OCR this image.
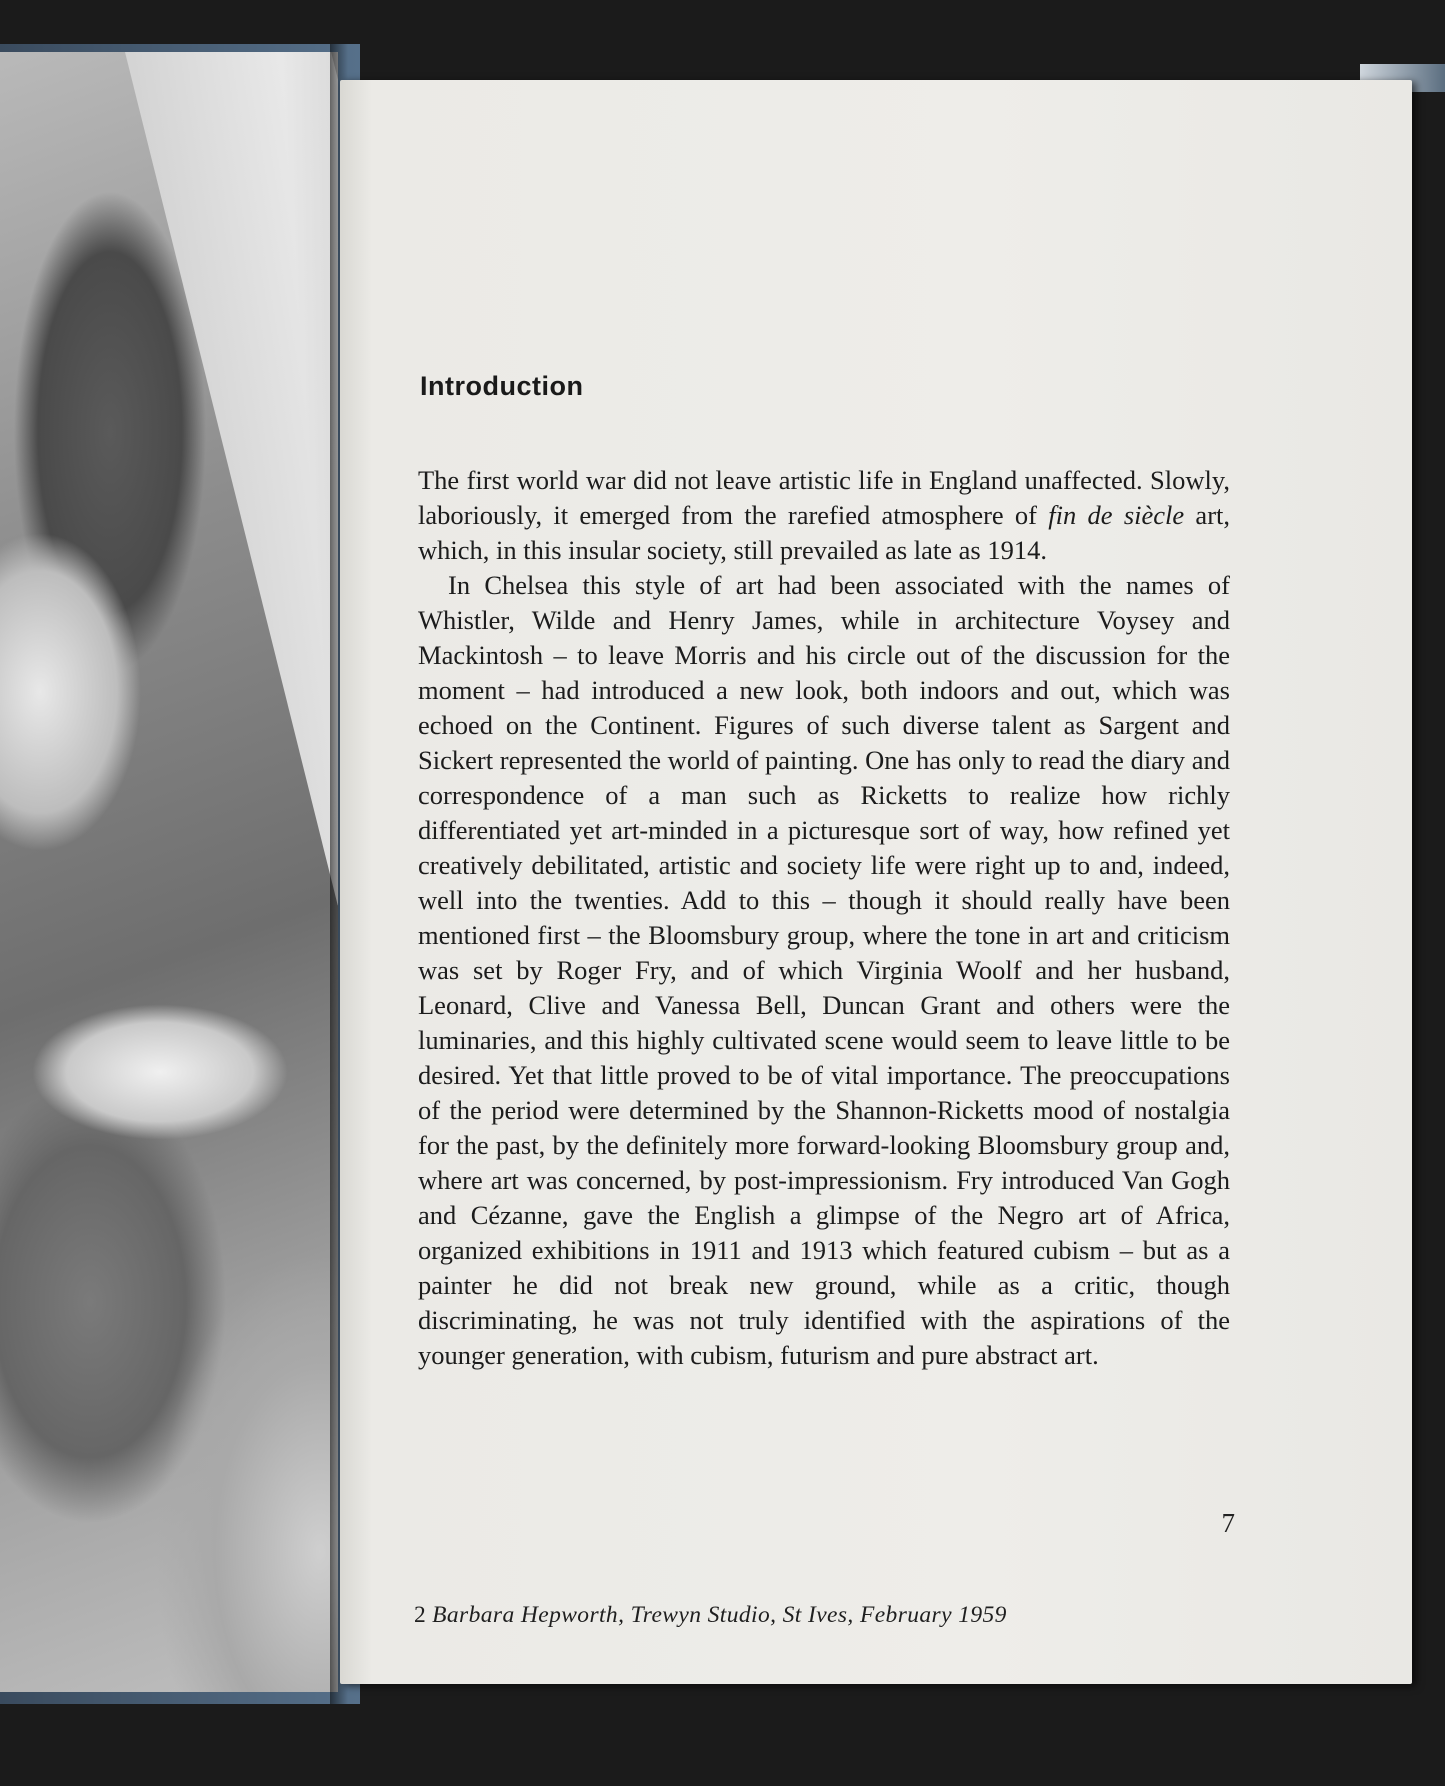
Introduction

The first world war did not leave artistic life in England unaffected. Slowly, laboriously, it emerged from the rarefied atmosphere of fin de siècle art, which, in this insular society, still prevailed as late as 1914.

In Chelsea this style of art had been associated with the names of Whistler, Wilde and Henry James, while in architecture Voysey and Mackintosh – to leave Morris and his circle out of the discussion for the moment – had introduced a new look, both indoors and out, which was echoed on the Continent. Figures of such diverse talent as Sargent and Sickert represented the world of painting. One has only to read the diary and correspondence of a man such as Ricketts to realize how richly differentiated yet art-minded in a picturesque sort of way, how refined yet creatively debilitated, artistic and society life were right up to and, indeed, well into the twenties. Add to this – though it should really have been mentioned first – the Bloomsbury group, where the tone in art and criticism was set by Roger Fry, and of which Virginia Woolf and her husband, Leonard, Clive and Vanessa Bell, Duncan Grant and others were the luminaries, and this highly cultivated scene would seem to leave little to be desired. Yet that little proved to be of vital importance. The preoccupations of the period were determined by the Shannon-Ricketts mood of nostalgia for the past, by the definitely more forward-looking Bloomsbury group and, where art was concerned, by post-impressionism. Fry introduced Van Gogh and Cézanne, gave the English a glimpse of the Negro art of Africa, organized exhibitions in 1911 and 1913 which featured cubism – but as a painter he did not break new ground, while as a critic, though discriminating, he was not truly identified with the aspirations of the younger generation, with cubism, futurism and pure abstract art.

7
2 Barbara Hepworth, Trewyn Studio, St Ives, February 1959
